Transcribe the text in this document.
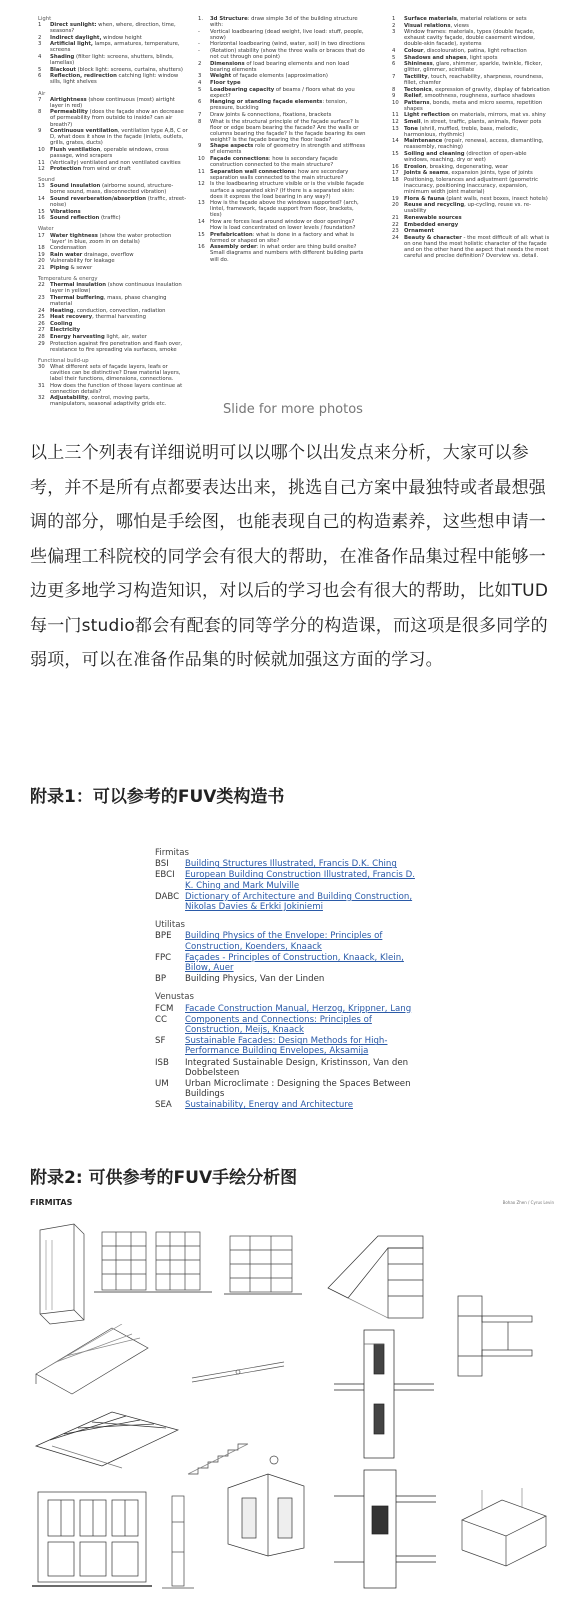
Light
1	Direct sunlight: when, where, direction, time, seasons?
2	Indirect daylight, window height
3	Artificial light, lamps, armatures, temperature, screens
4	Shading (filter light: screens, shutters, blinds, lamellas)
5	Blackout (block light: screens, curtains, shutters)
6	Reflection, redirection catching light: window sills, light shelves
Air
7	Airtightness (show continuous (most) airtight layer in red)
8	Permeability (does the façade show an decrease of permeability from outside to inside? can air breath?)
9	Continuous ventilation, ventilation type A,B, C or D, what does it show in the façade (inlets, outlets, grills, grates, ducts)
10 Flush ventilation, operable windows, cross passage, wind scrapers
11 (Vertically) ventilated and non ventilated cavities
12 Protection from wind or draft
Sound
13 Sound insulation (airborne sound, structure-borne sound, mass, disconnected vibration)
14 Sound reverberation/absorption (traffic, street-noise)
15 Vibrations
16 Sound reflection (traffic)
Water
17 Water tightness (show the water protection 'layer' in blue, zoom in on details)
18 Condensation
19 Rain water drainage, overflow
20 Vulnerability for leakage
21 Piping & sewer
Temperature & energy
22 Thermal insulation (show continuous insulation layer in yellow)
23 Thermal buffering, mass, phase changing material
24 Heating, conduction, convection, radiation
25 Heat recovery, thermal harvesting
26 Cooling
27 Electricity
28 Energy harvesting light, air, water
29 Protection against fire penetration and flash over, resistance to fire spreading via surfaces, smoke
Functional build-up
30 What different sets of façade layers, leafs or cavities can be distinctive? Draw material layers, label their functions, dimensions, connections.
31 How does the function of those layers continue at connection details?
32 Adjustability, control, moving parts, manipulators, seasonal adaptivity grids etc.
1.	3d Structure: draw simple 3d of the building structure with:
-	Vertical loadbearing (dead weight, live load: stuff, people, snow)
-	Horizontal loadbearing (wind, water, soil) in two directions
-	(Rotation) stability (show the three walls or braces that do not cut through one point)
2	Dimensions of load bearing elements and non load bearing elements
3	Weight of façade elements (approximation)
4	Floor type
5	Loadbearing capacity of beams / floors what do you expect?
6	Hanging or standing façade elements: tension, pressure, buckling
7	Draw joints & connections, fixations, brackets
8	What is the structural principle of the façade surface? Is floor or edge beam bearing the facade? Are the walls or columns bearing the façade? Is the façade bearing its own weight? Is the façade bearing the floor loads?
9	Shape aspects role of geometry in strength and stiffness of elements
10 Façade connections: how is secondary façade construction connected to the main structure?
11 Separation wall connections: how are secondary separation walls connected to the main structure?
12 Is the loadbearing structure visible or is the visible façade surface a separated skin? (If there is a separated skin: does it express the load bearing in any way?)
13 How is the façade above the windows supported? (arch, lintel, framework, façade support from floor, brackets, ties)
14 How are forces lead around window or door openings? How is load concentrated on lower levels / foundation?
15 Prefabrication: what is done in a factory and what is formed or shaped on site?
16 Assembly order: in what order are thing build onsite? Small diagrams and numbers with different building parts will do.
1	Surface materials, material relations or sets
2	Visual relations, views
3	Window frames: materials, types (double façade, exhaust cavity façade, double casement window, double-skin facade), systems
4	Colour, discolouration, patina, light refraction
5	Shadows and shapes, light spots
6	Shininess, glare, shimmer, sparkle, twinkle, flicker, glitter, glimmer, scintillate
7	Tactility, touch, reachability, sharpness, roundness, fillet, chamfer
8	Tectonics, expression of gravity, display of fabrication
9	Relief, smoothness, roughness, surface shadows
10 Patterns, bonds, meta and micro seems, repetition shapes
11 Light reflection on materials, mirrors, mat vs. shiny
12 Smell, in street, traffic, plants, animals, flower pots
13 Tone (shrill, muffled, treble, bass, melodic, harmonious, rhythmic)
14 Maintenance (repair, renewal, access, dismantling, reassembly, reaching)
15 Soiling and cleaning (direction of open-able windows, reaching, dry or wet)
16 Erosion, breaking, degenerating, wear
17 Joints & seams, expansion joints, type of joints
18 Positioning, tolerances and adjustment (geometric inaccuracy, positioning inaccuracy, expansion, minimum width joint material)
19 Flora & fauna (plant walls, nest boxes, insect hotels)
20 Reuse and recycling, up-cycling, reuse vs. re-usability
21 Renewable sources
22 Embedded energy
23 Ornament
24 Beauty & character - the most difficult of all: what is on one hand the most holistic character of the façade and on the other hand the aspect that needs the most careful and precise definition? Overview vs. detail.
Slide for more photos

以上三个列表有详细说明可以以哪个以出发点来分析，大家可以参考，并不是所有点都要表达出来，挑选自己方案中最独特或者最想强调的部分，哪怕是手绘图，也能表现自己的构造素养，这些想申请一些偏理工科院校的同学会有很大的帮助，在准备作品集过程中能够一边更多地学习构造知识，对以后的学习也会有很大的帮助，比如TUD每一门studio都会有配套的同等学分的构造课，而这项是很多同学的弱项，可以在准备作品集的时候就加强这方面的学习。

附录1：可以参考的FUV类构造书
Firmitas
BSI	Building Structures Illustrated, Francis D.K. Ching
EBCI	European Building Construction Illustrated, Francis D. K. Ching and Mark Mulville
DABC Dictionary of Architecture and Building Construction, Nikolas Davies & Erkki Jokiniemi
Utilitas
BPE	Building Physics of the Envelope: Principles of Construction, Koenders, Knaack
FPC	Façades - Principles of Construction, Knaack, Klein, Bilow, Auer
BP	Building Physics, Van der Linden
Venustas
FCM	Facade Construction Manual, Herzog, Krippner, Lang
CC	Components and Connections: Principles of Construction, Meijs, Knaack
SF	Sustainable Facades: Design Methods for High-Performance Building Envelopes, Aksamija
ISB	Integrated Sustainable Design, Kristinsson, Van den Dobbelsteen
UM	Urban Microclimate : Designing the Spaces Between Buildings
SEA	Sustainability, Energy and Architecture
附录2: 可供参考的FUV手绘分析图
FIRMITAS	Bohao Zhen / Cyrus Levin
